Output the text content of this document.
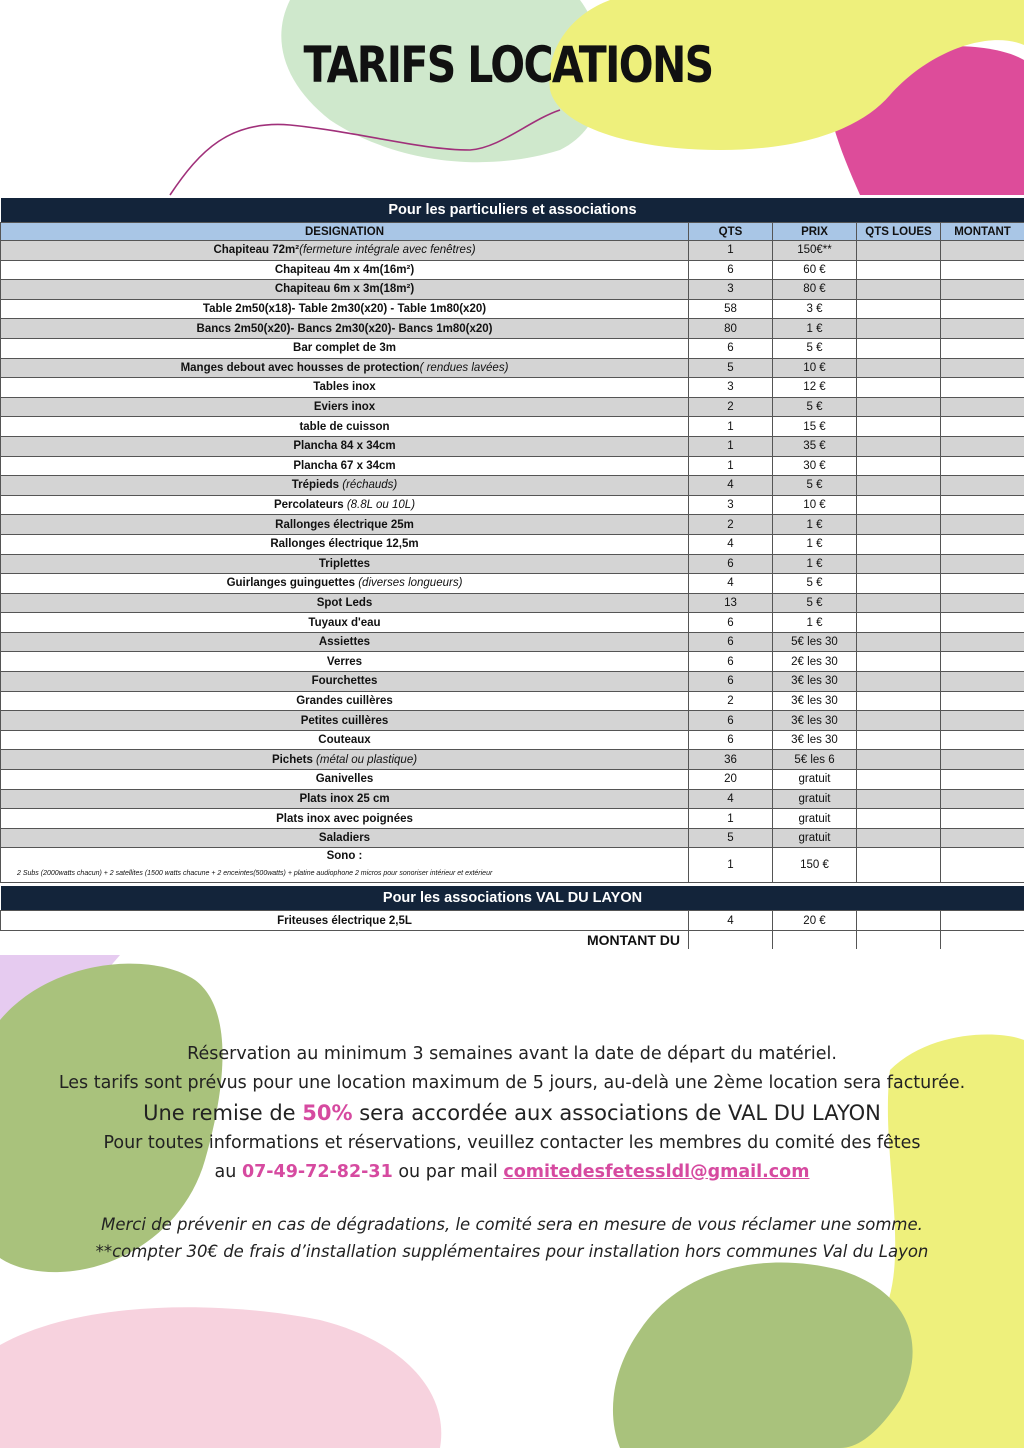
TARIFS LOCATIONS
Pour les particuliers et associations				
DESIGNATION	QTS	PRIX	QTS LOUES	MONTANT
Chapiteau 72m²(fermeture intégrale avec fenêtres)	1	150€**		
Chapiteau 4m x 4m(16m²)	6	60 €		
Chapiteau 6m x 3m(18m²)	3	80 €		
Table 2m50(x18)- Table 2m30(x20) - Table 1m80(x20)	58	3 €		
Bancs 2m50(x20)- Bancs 2m30(x20)- Bancs 1m80(x20)	80	1 €		
Bar complet de 3m	6	5 €		
Manges debout avec housses de protection( rendues lavées)	5	10 €		
Tables inox	3	12 €		
Eviers inox	2	5 €		
table de cuisson	1	15 €		
Plancha 84 x 34cm	1	35 €		
Plancha 67 x 34cm	1	30 €		
Trépieds (réchauds)	4	5 €		
Percolateurs (8.8L ou 10L)	3	10 €		
Rallonges électrique 25m	2	1 €		
Rallonges électrique 12,5m	4	1 €		
Triplettes	6	1 €		
Guirlanges guinguettes (diverses longueurs)	4	5 €		
Spot Leds	13	5 €		
Tuyaux d'eau	6	1 €		
Assiettes	6	5€ les 30		
Verres	6	2€ les 30		
Fourchettes	6	3€ les 30		
Grandes cuillères	2	3€ les 30		
Petites cuillères	6	3€ les 30		
Couteaux	6	3€ les 30		
Pichets (métal ou plastique)	36	5€ les 6		
Ganivelles	20	gratuit		
Plats inox 25 cm	4	gratuit		
Plats inox avec poignées	1	gratuit		
Saladiers	5	gratuit		

Sono :
2 Subs (2000watts chacun) + 2 satellites (1500 watts chacune + 2 enceintes(500watts) + platine audiophone 2 micros pour sonoriser intérieur et extérieur	1	150 €		

Pour les associations VAL DU LAYON				
Friteuses électrique 2,5L	4	20 €		
MONTANT DU				

Réservation au minimum 3 semaines avant la date de départ du matériel.

Les tarifs sont prévus pour une location maximum de 5 jours, au-delà une 2ème location sera facturée.

Une remise de 50% sera accordée aux associations de VAL DU LAYON

Pour toutes informations et réservations, veuillez contacter les membres du comité des fêtes

au 07-49-72-82-31 ou par mail comitedesfetessldl@gmail.com

Merci de prévenir en cas de dégradations, le comité sera en mesure de vous réclamer une somme.
**compter 30€ de frais d’installation supplémentaires pour installation hors communes Val du Layon
